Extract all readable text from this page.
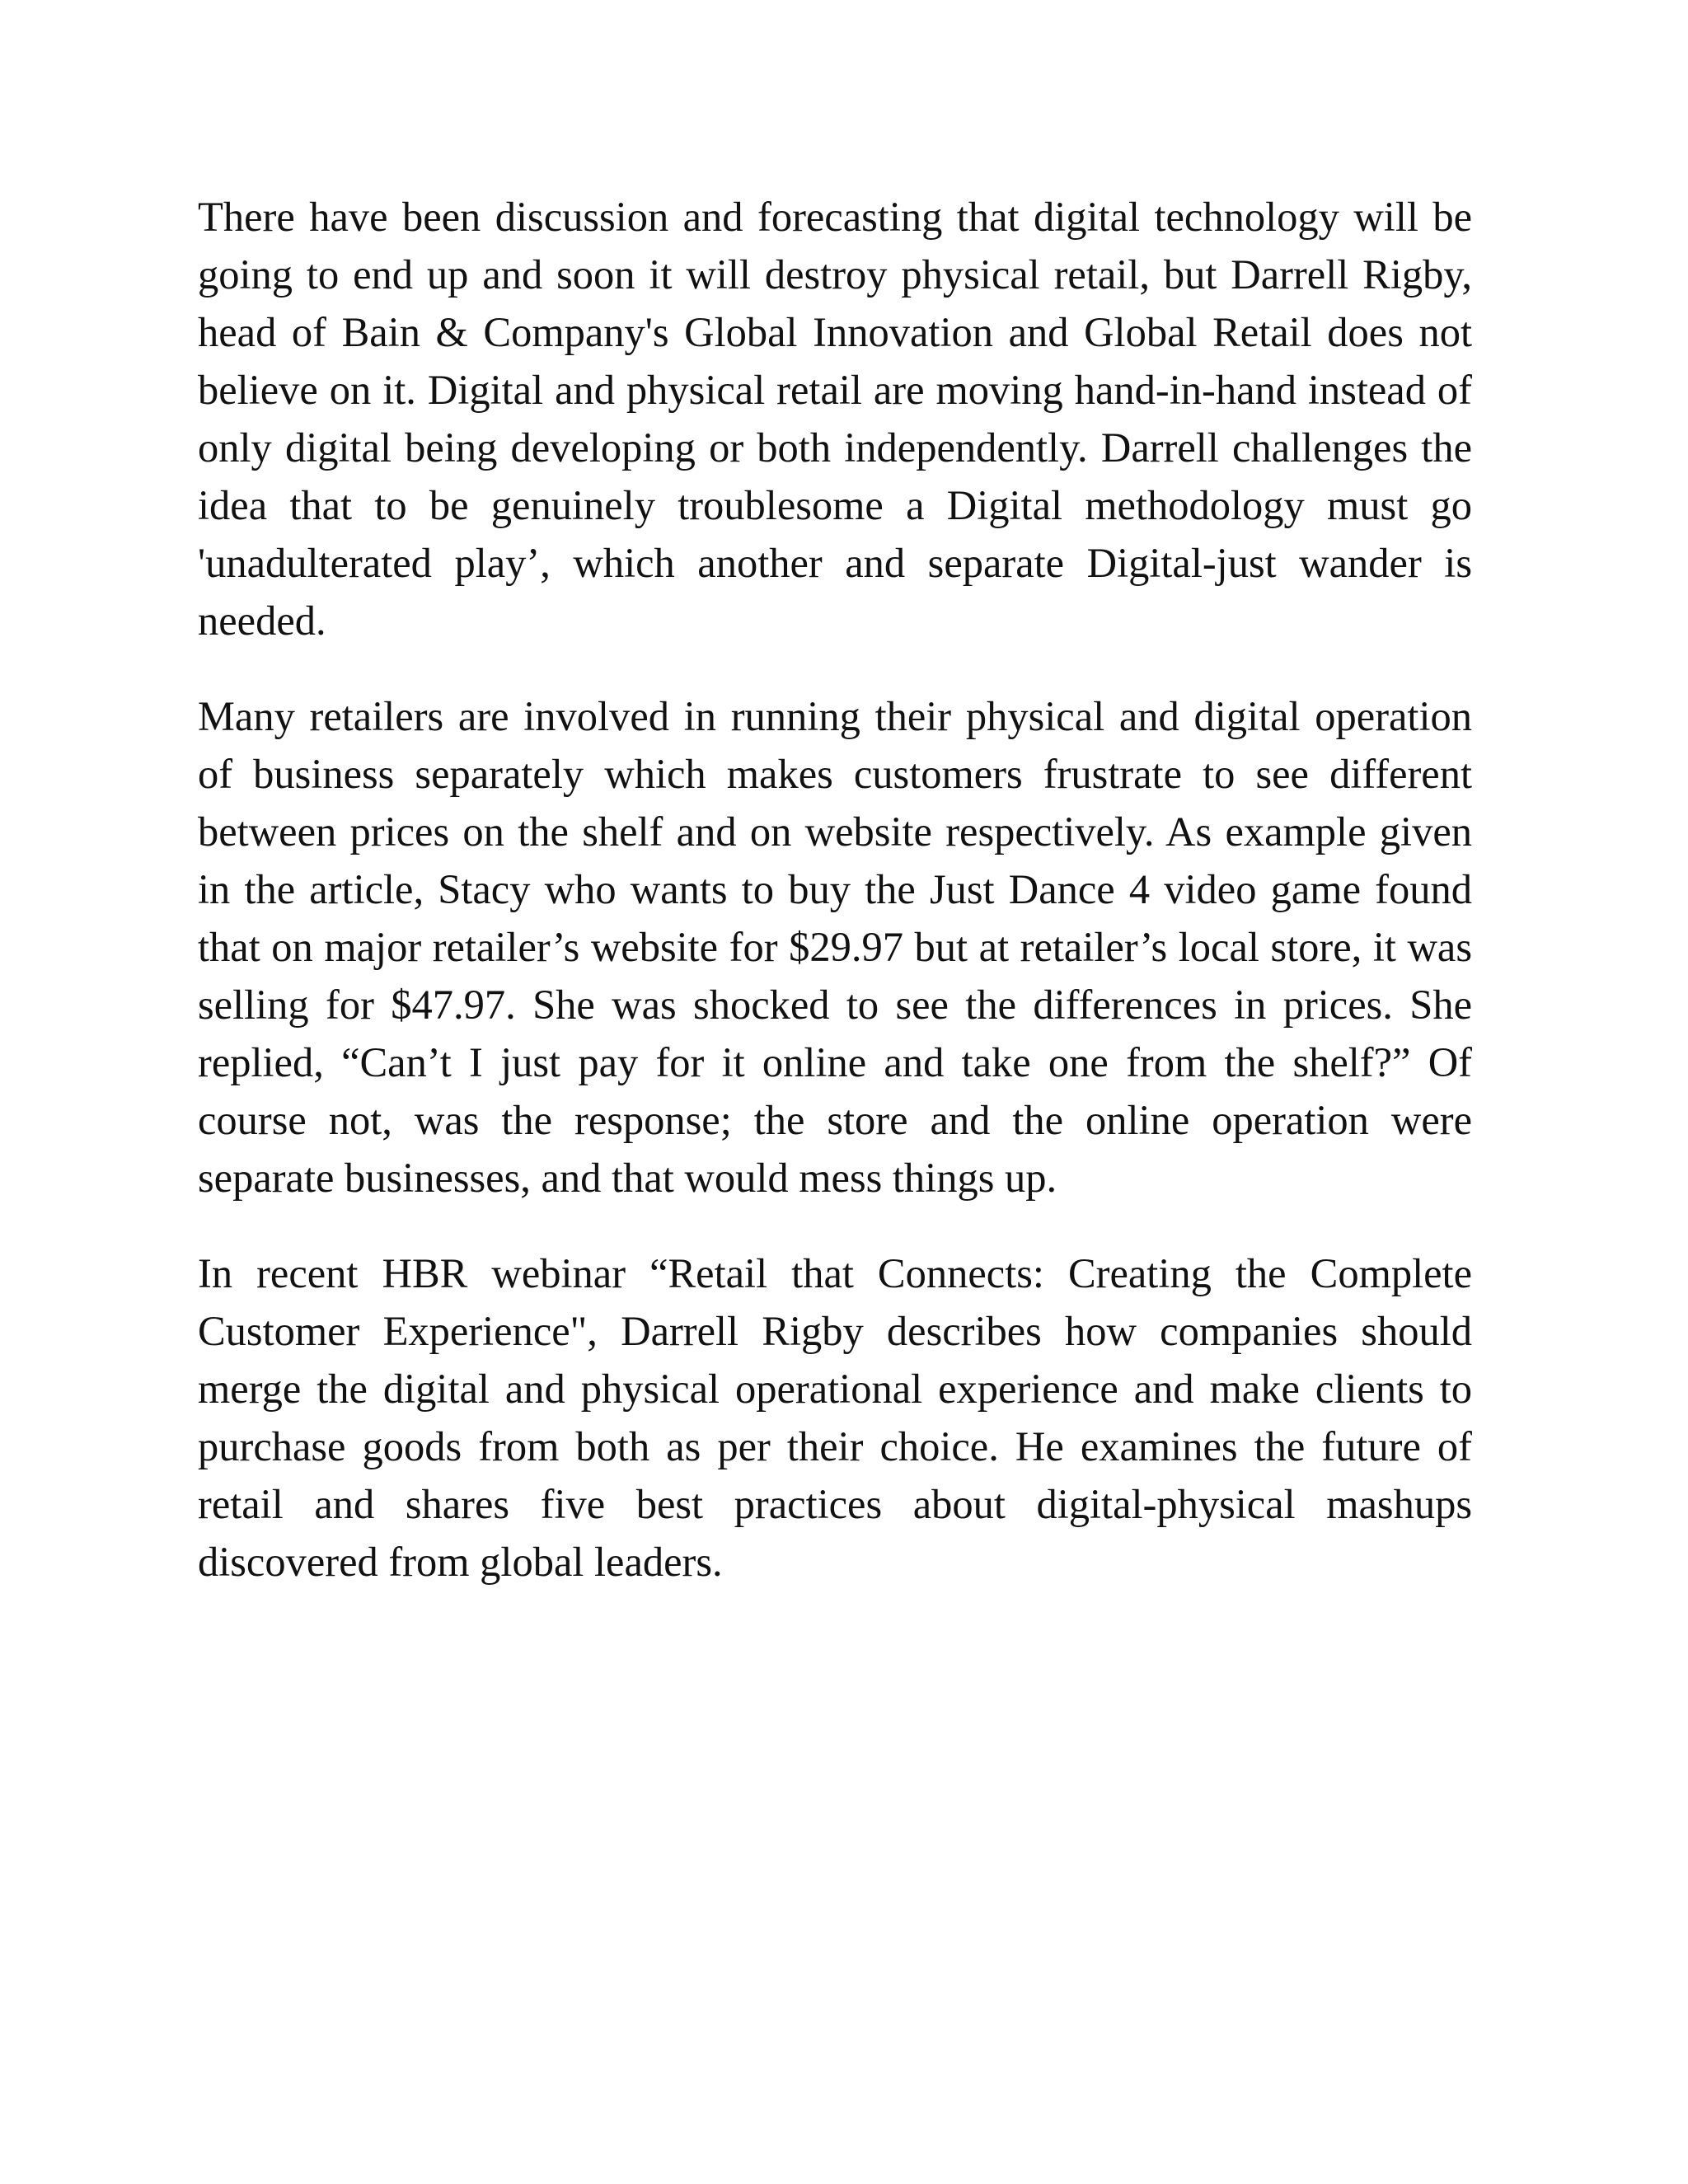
There have been discussion and forecasting that digital technology will be going to end up and soon it will destroy physical retail, but Darrell Rigby, head of Bain & Company's Global Innovation and Global Retail does not believe on it. Digital and physical retail are moving hand-in-hand instead of only digital being developing or both independently. Darrell challenges the idea that to be genuinely troublesome a Digital methodology must go 'unadulterated play’, which another and separate Digital-just wander is needed.

Many retailers are involved in running their physical and digital operation of business separately which makes customers frustrate to see different between prices on the shelf and on website respectively. As example given in the article, Stacy who wants to buy the Just Dance 4 video game found that on major retailer’s website for $29.97 but at retailer’s local store, it was selling for $47.97. She was shocked to see the differences in prices. She replied, “Can’t I just pay for it online and take one from the shelf?” Of course not, was the response; the store and the online operation were separate businesses, and that would mess things up.

In recent HBR webinar “Retail that Connects: Creating the Complete Customer Experience", Darrell Rigby describes how companies should merge the digital and physical operational experience and make clients to purchase goods from both as per their choice. He examines the future of retail and shares five best practices about digital-physical mashups discovered from global leaders.
